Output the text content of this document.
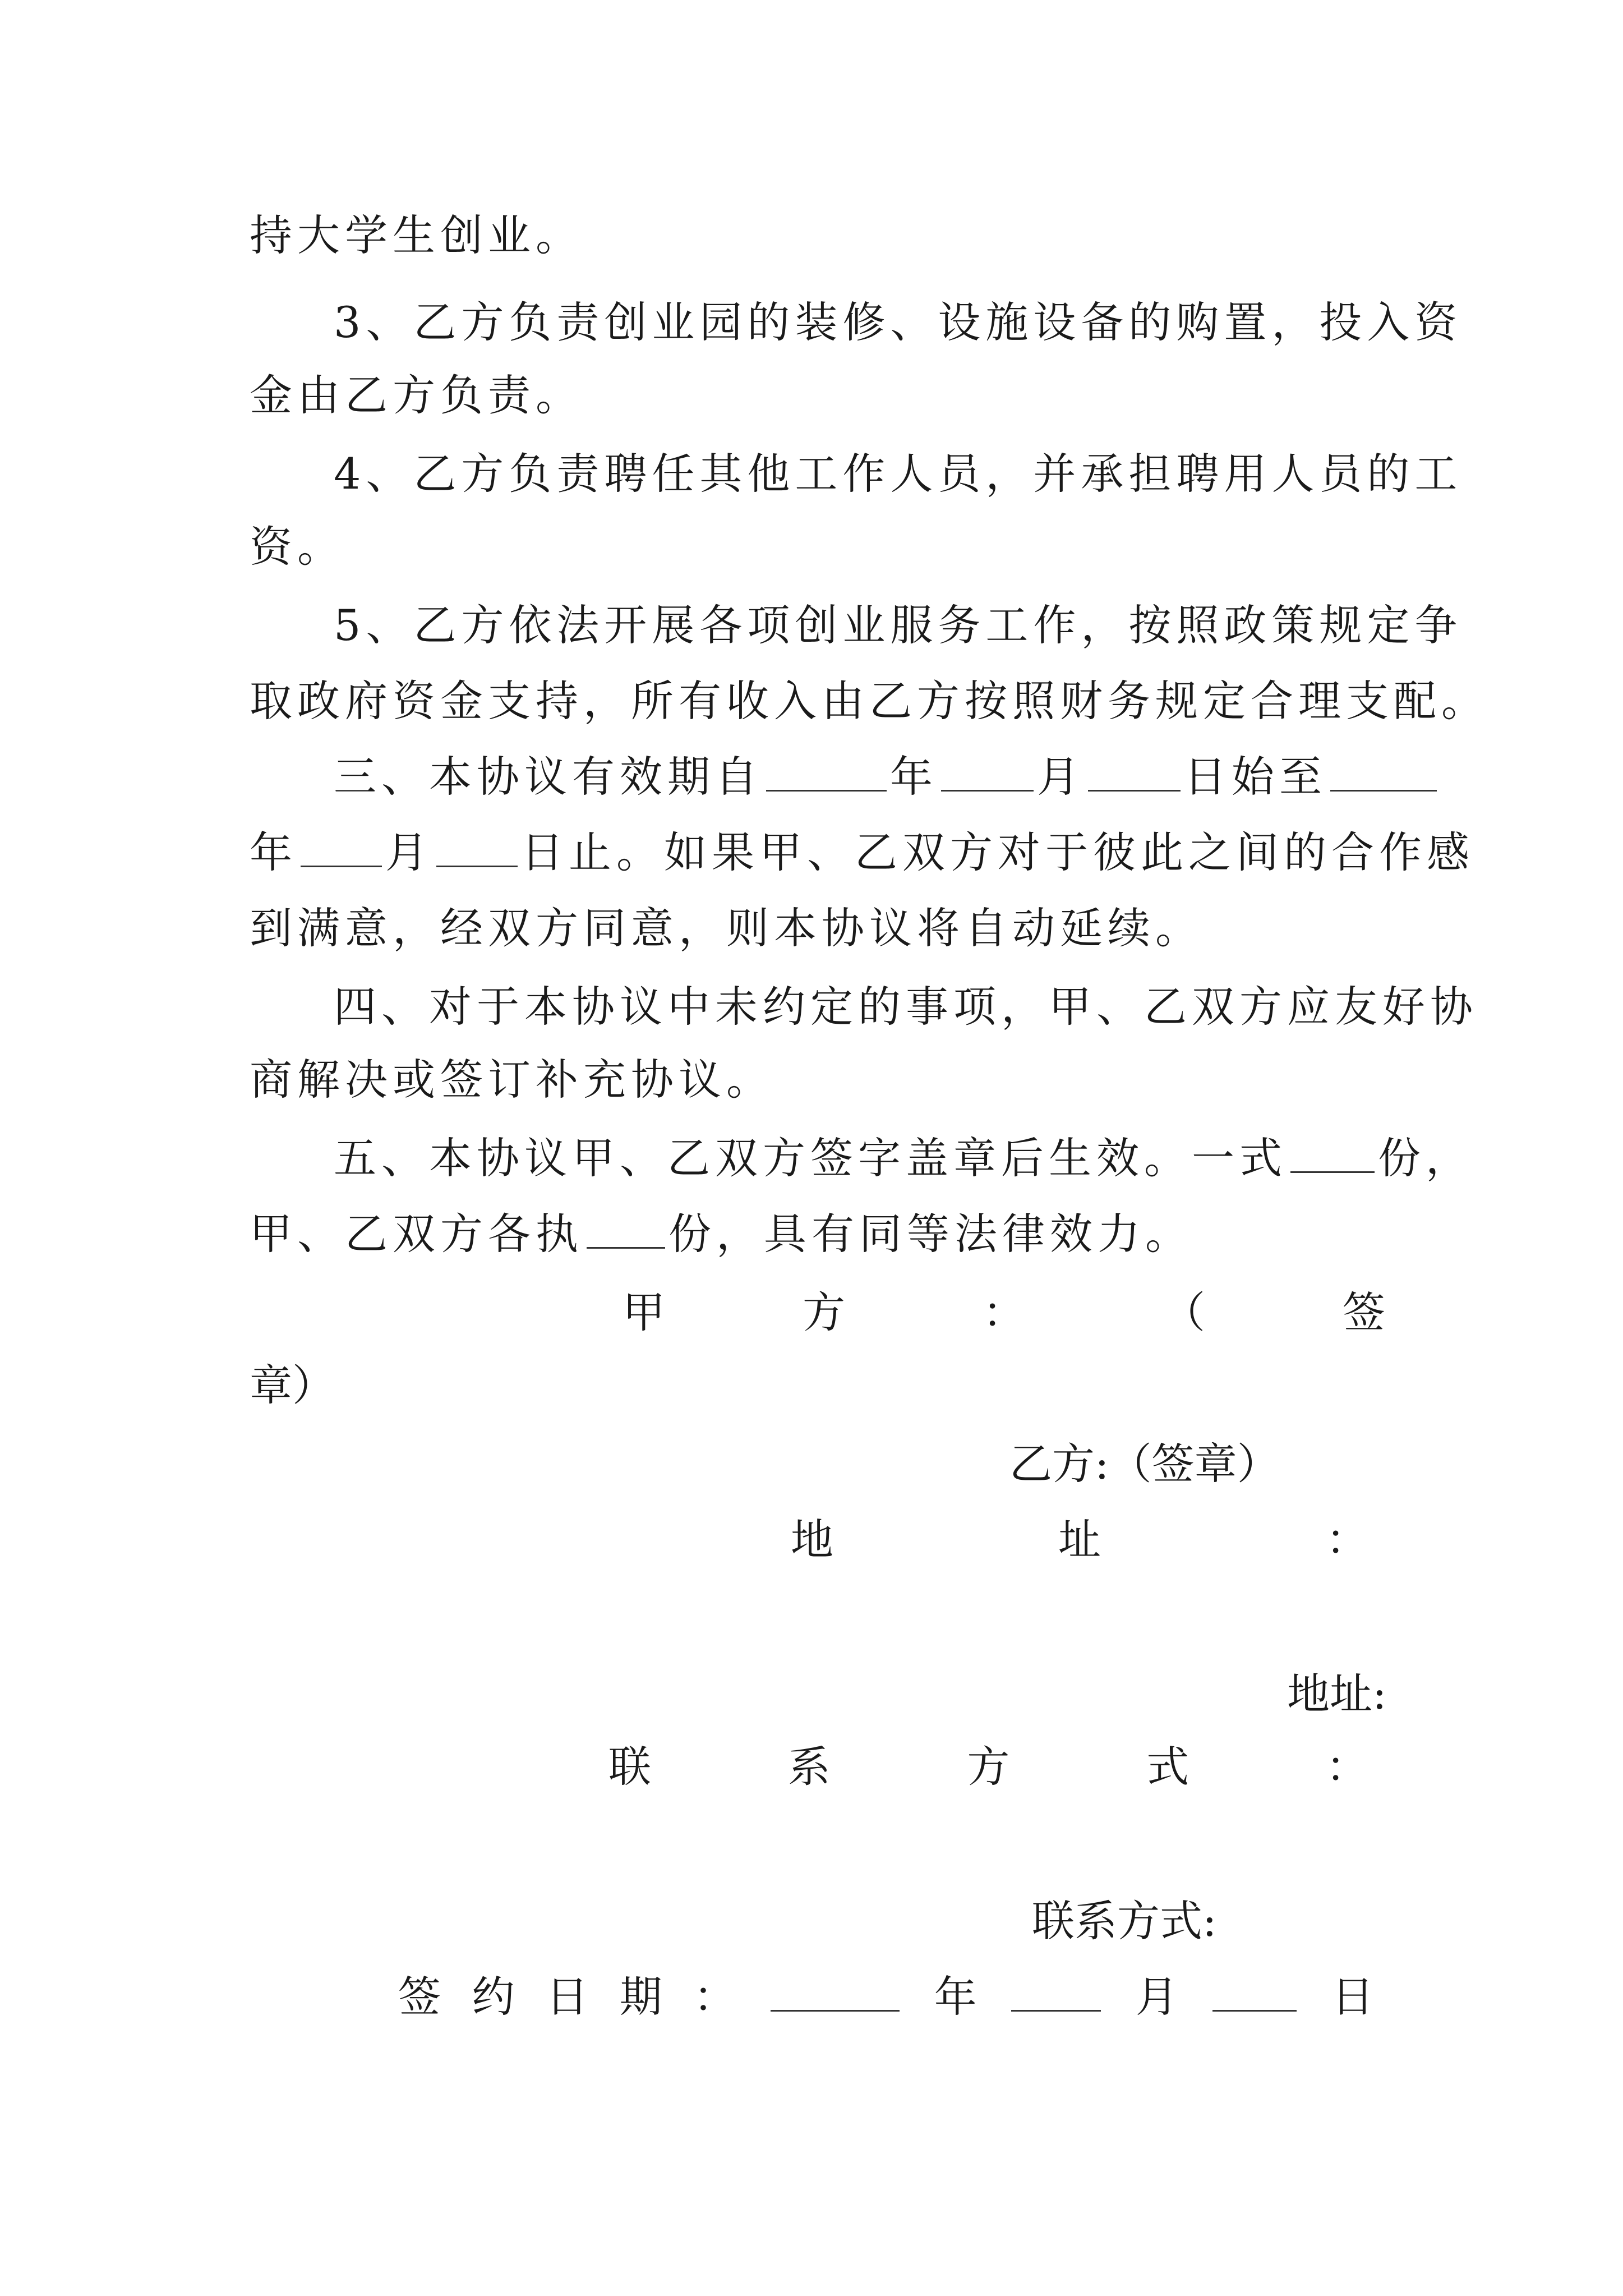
持大学生创业。
3、乙方负责创业园的装修、设施设备的购置，投入资
金由乙方负责。
4、乙方负责聘任其他工作人员，并承担聘用人员的工
资。
5、乙方依法开展各项创业服务工作，按照政策规定争
取政府资金支持，所有收入由乙方按照财务规定合理支配。
三、本协议有效期自	年 月 日始至
年 月 日止。如果甲、乙双方对于彼此之间的合作感
到满意，经双方同意，则本协议将自动延续。
四、对于本协议中未约定的事项，甲、乙双方应友好协
商解决或签订补充协议。
五、本协议甲、乙双方签字盖章后生效。一式 份，
甲、乙双方各执 份，具有同等法律效力。
甲	方	：	（	签
章）
乙方:（签章）
地	址	：
地址:
联	系	方	式	：
联系方式:
签 约 日 期 ：	年	月	日
